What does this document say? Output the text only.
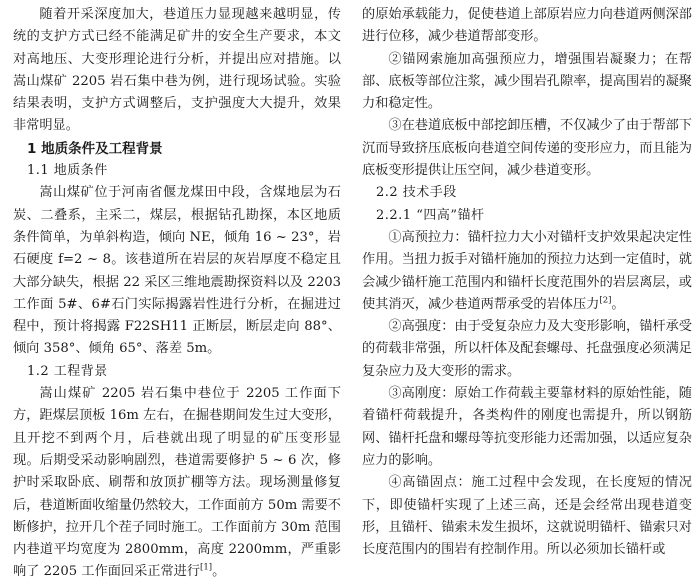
随着开采深度加大，巷道压力显现越来越明显，传统的支护方式已经不能满足矿井的安全生产要求，本文对高地压、大变形理论进行分析，并提出应对措施。以嵩山煤矿 2205 岩石集中巷为例，进行现场试验。实验结果表明，支护方式调整后，支护强度大大提升，效果非常明显。

1 地质条件及工程背景

1.1 地质条件

嵩山煤矿位于河南省偃龙煤田中段，含煤地层为石炭、二叠系，主采二，煤层，根据钻孔勘探，本区地质条件简单，为单斜构造，倾向 NE，倾角 16 ~ 23°，岩石硬度 f=2 ~ 8。该巷道所在岩层的灰岩厚度不稳定且大部分缺失，根据 22 采区三维地震勘探资料以及 2203 工作面 5#、6#石门实际揭露岩性进行分析，在掘进过程中，预计将揭露 F22SH11 正断层，断层走向 88°、倾向 358°、倾角 65°、落差 5m。

1.2 工程背景

嵩山煤矿 2205 岩石集中巷位于 2205 工作面下方，距煤层顶板 16m 左右，在掘巷期间发生过大变形，且开挖不到两个月，后巷就出现了明显的矿压变形显现。后期受采动影响剧烈，巷道需要修护 5 ~ 6 次，修护时采取卧底、刷帮和放顶扩棚等方法。现场测量修复后，巷道断面收缩量仍然较大，工作面前方 50m 需要不断修护，拉开几个茬子同时施工。工作面前方 30m 范围内巷道平均宽度为 2800mm，高度 2200mm，严重影响了 2205 工作面回采正常进行[1]。

的原始承载能力，促使巷道上部原岩应力向巷道两侧深部进行位移，减少巷道帮部变形。

②锚网索施加高强预应力，增强围岩凝聚力；在帮部、底板等部位注浆，减少围岩孔隙率，提高围岩的凝聚力和稳定性。

③在巷道底板中部挖卸压槽，不仅减少了由于帮部下沉而导致挤压底板向巷道空间传递的变形应力，而且能为底板变形提供让压空间，减少巷道变形。

2.2 技术手段

2.2.1 “四高”锚杆

①高预拉力：锚杆拉力大小对锚杆支护效果起决定性作用。当扭力扳手对锚杆施加的预拉力达到一定值时，就会减少锚杆施工范围内和锚杆长度范围外的岩层离层，或使其消灭，减少巷道两帮承受的岩体压力[2]。

②高强度：由于受复杂应力及大变形影响，锚杆承受的荷载非常强，所以杆体及配套螺母、托盘强度必须满足复杂应力及大变形的需求。

③高刚度：原始工作荷载主要靠材料的原始性能，随着锚杆荷载提升，各类构件的刚度也需提升，所以钢筋网、锚杆托盘和螺母等抗变形能力还需加强，以适应复杂应力的影响。

④高锚固点：施工过程中会发现，在长度短的情况下，即使锚杆实现了上述三高，还是会经常出现巷道变形，且锚杆、锚索未发生损坏，这就说明锚杆、锚索只对长度范围内的围岩有控制作用。所以必须加长锚杆或
